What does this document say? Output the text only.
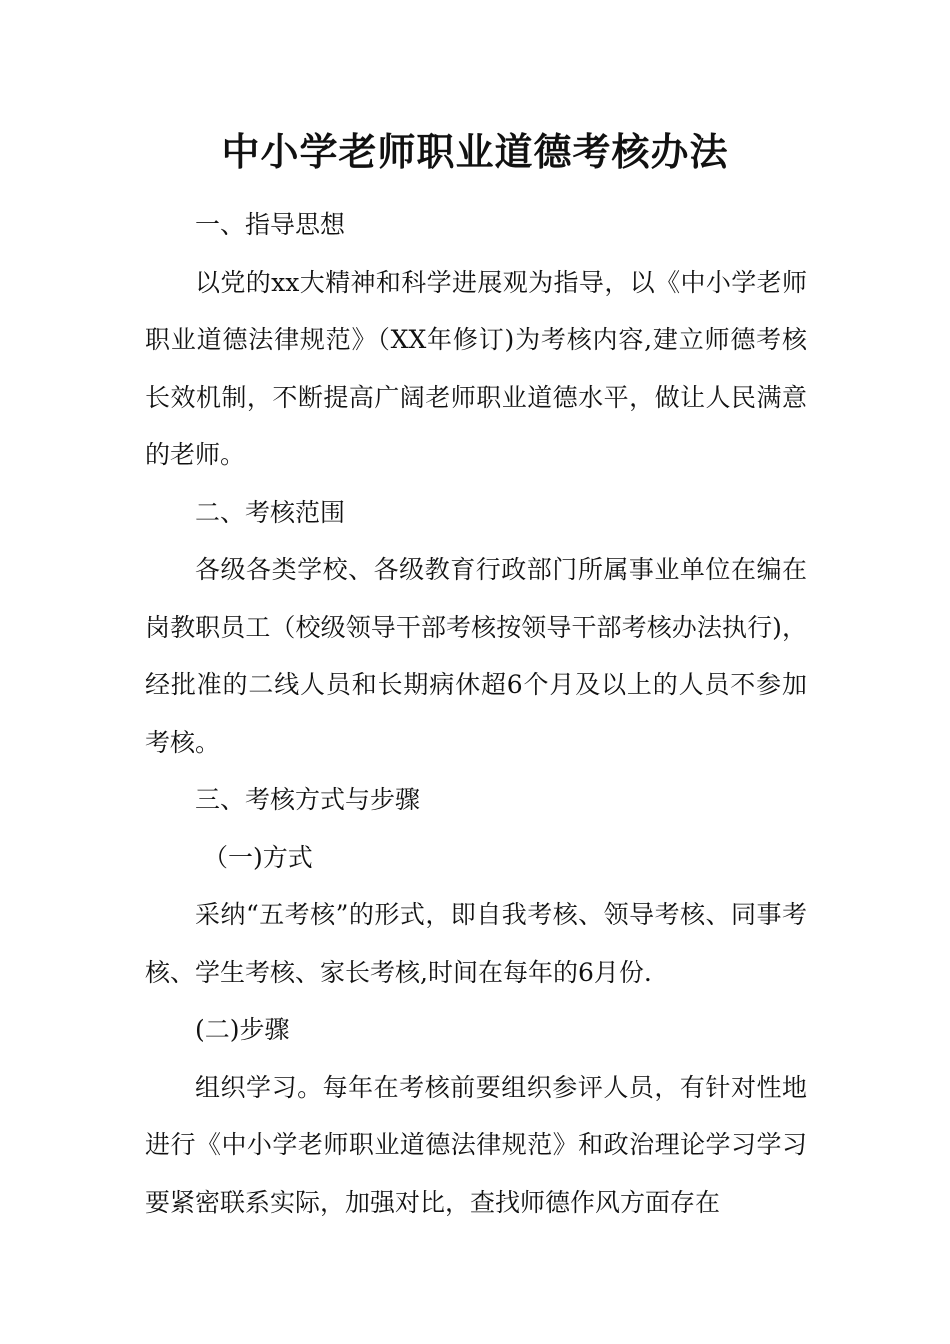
中小学老师职业道德考核办法

一、指导思想

以党的xx大精神和科学进展观为指导，以《中小学老师职业道德法律规范》（XX年修订)为考核内容,建立师德考核长效机制，不断提高广阔老师职业道德水平，做让人民满意的老师。

二、考核范围

各级各类学校、各级教育行政部门所属事业单位在编在岗教职员工（校级领导干部考核按领导干部考核办法执行)，经批准的二线人员和长期病休超6个月及以上的人员不参加考核。

三、考核方式与步骤

（一)方式

采纳“五考核”的形式，即自我考核、领导考核、同事考核、学生考核、家长考核,时间在每年的6月份.

(二)步骤

组织学习。每年在考核前要组织参评人员，有针对性地进行《中小学老师职业道德法律规范》和政治理论学习学习要紧密联系实际，加强对比，查找师德作风方面存在
